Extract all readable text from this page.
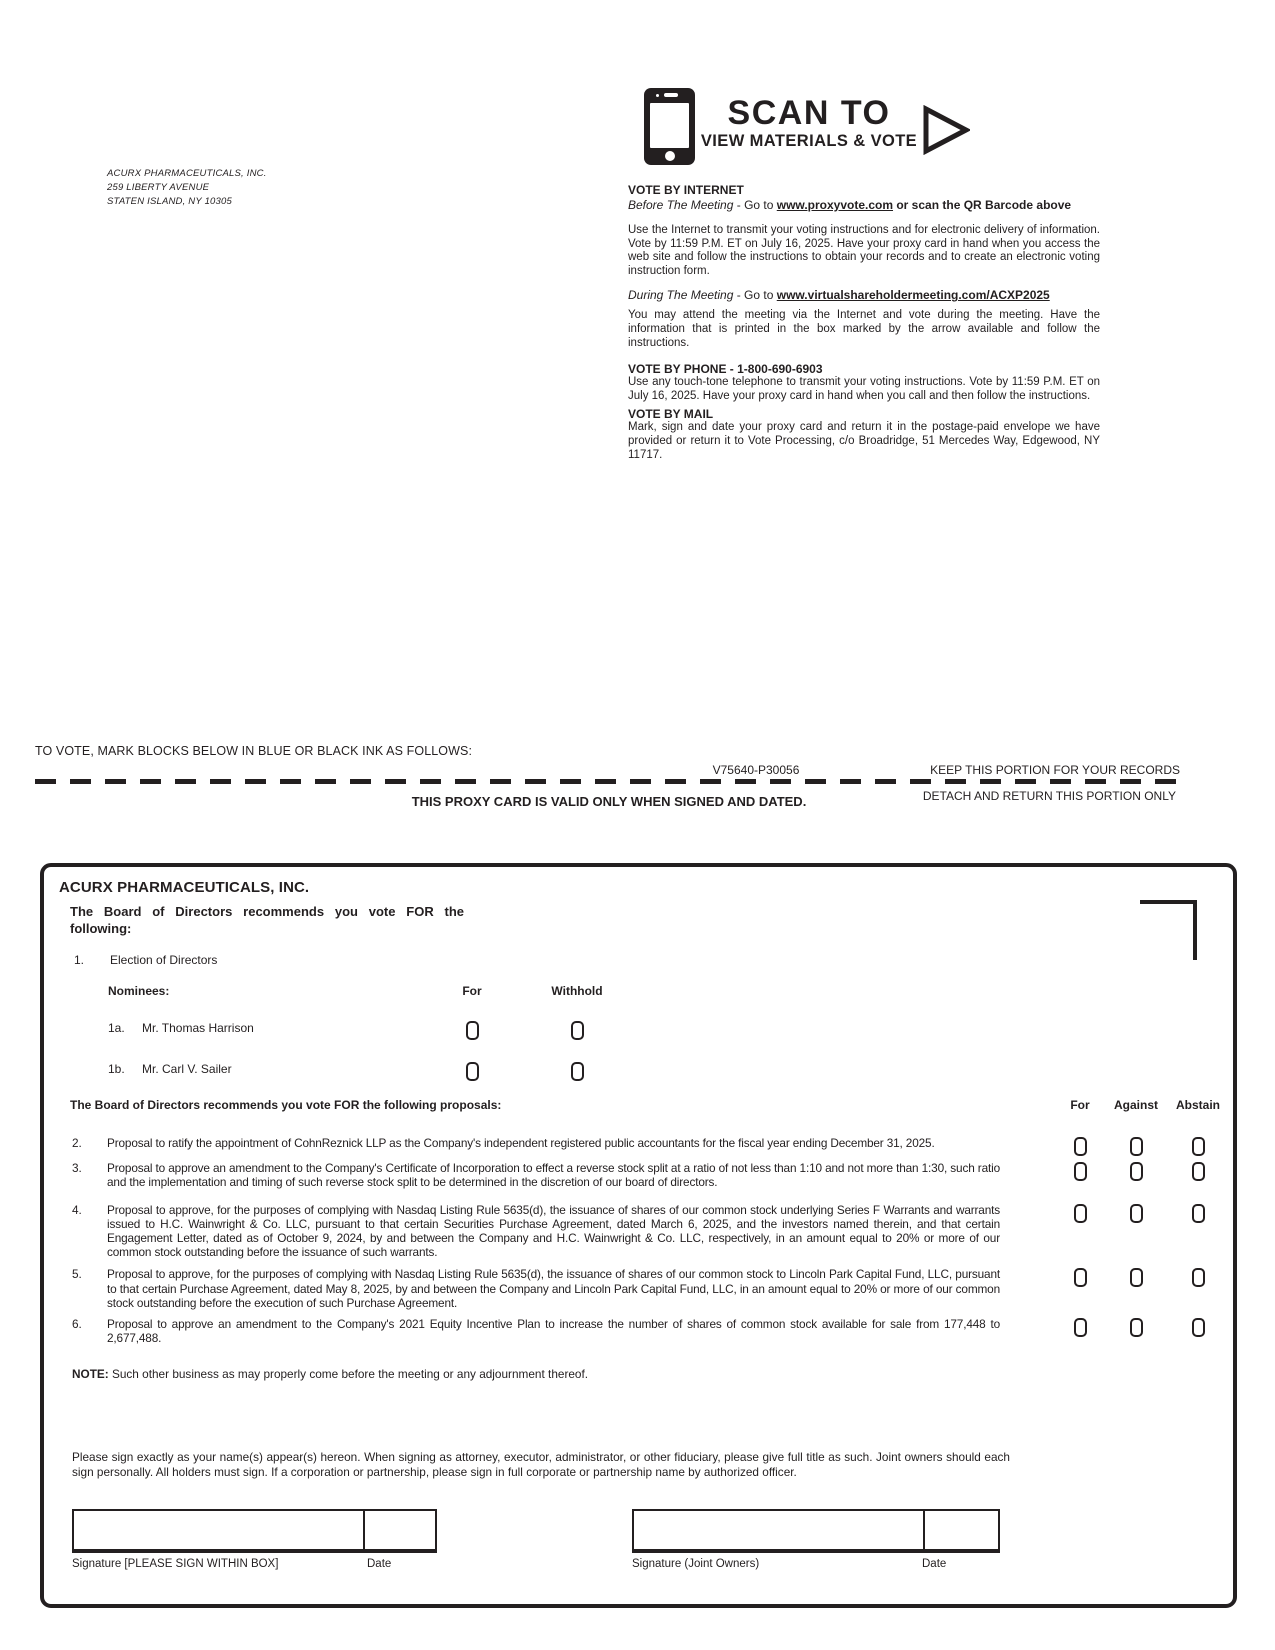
ACURX PHARMACEUTICALS, INC.
259 LIBERTY AVENUE
STATEN ISLAND, NY 10305
SCAN TO
VIEW MATERIALS & VOTE
VOTE BY INTERNET
Before The Meeting - Go to www.proxyvote.com or scan the QR Barcode above
Use the Internet to transmit your voting instructions and for electronic delivery of information. Vote by 11:59 P.M. ET on July 16, 2025. Have your proxy card in hand when you access the web site and follow the instructions to obtain your records and to create an electronic voting instruction form.
During The Meeting - Go to www.virtualshareholdermeeting.com/ACXP2025
You may attend the meeting via the Internet and vote during the meeting. Have the information that is printed in the box marked by the arrow available and follow the instructions.
VOTE BY PHONE - 1-800-690-6903
Use any touch-tone telephone to transmit your voting instructions. Vote by 11:59 P.M. ET on July 16, 2025. Have your proxy card in hand when you call and then follow the instructions.
VOTE BY MAIL
Mark, sign and date your proxy card and return it in the postage-paid envelope we have provided or return it to Vote Processing, c/o Broadridge, 51 Mercedes Way, Edgewood, NY 11717.
TO VOTE, MARK BLOCKS BELOW IN BLUE OR BLACK INK AS FOLLOWS:
V75640-P30056	KEEP THIS PORTION FOR YOUR RECORDS
DETACH AND RETURN THIS PORTION ONLY
THIS PROXY CARD IS VALID ONLY WHEN SIGNED AND DATED.
ACURX PHARMACEUTICALS, INC.
The Board of Directors recommends you vote FOR the following:
1.	Election of Directors
Nominees:	For	Withhold
1a.	Mr. Thomas Harrison
1b.	Mr. Carl V. Sailer
The Board of Directors recommends you vote FOR the following proposals:	For	Against	Abstain
2.	Proposal to ratify the appointment of CohnReznick LLP as the Company's independent registered public accountants for the fiscal year ending December 31, 2025.
3.	Proposal to approve an amendment to the Company's Certificate of Incorporation to effect a reverse stock split at a ratio of not less than 1:10 and not more than 1:30, such ratio and the implementation and timing of such reverse stock split to be determined in the discretion of our board of directors.
4.	Proposal to approve, for the purposes of complying with Nasdaq Listing Rule 5635(d), the issuance of shares of our common stock underlying Series F Warrants and warrants issued to H.C. Wainwright & Co. LLC, pursuant to that certain Securities Purchase Agreement, dated March 6, 2025, and the investors named therein, and that certain Engagement Letter, dated as of October 9, 2024, by and between the Company and H.C. Wainwright & Co. LLC, respectively, in an amount equal to 20% or more of our common stock outstanding before the issuance of such warrants.
5.	Proposal to approve, for the purposes of complying with Nasdaq Listing Rule 5635(d), the issuance of shares of our common stock to Lincoln Park Capital Fund, LLC, pursuant to that certain Purchase Agreement, dated May 8, 2025, by and between the Company and Lincoln Park Capital Fund, LLC, in an amount equal to 20% or more of our common stock outstanding before the execution of such Purchase Agreement.
6.	Proposal to approve an amendment to the Company's 2021 Equity Incentive Plan to increase the number of shares of common stock available for sale from 177,448 to 2,677,488.
NOTE: Such other business as may properly come before the meeting or any adjournment thereof.
Please sign exactly as your name(s) appear(s) hereon. When signing as attorney, executor, administrator, or other fiduciary, please give full title as such. Joint owners should each sign personally. All holders must sign. If a corporation or partnership, please sign in full corporate or partnership name by authorized officer.
Signature [PLEASE SIGN WITHIN BOX]	Date	Signature (Joint Owners)	Date
